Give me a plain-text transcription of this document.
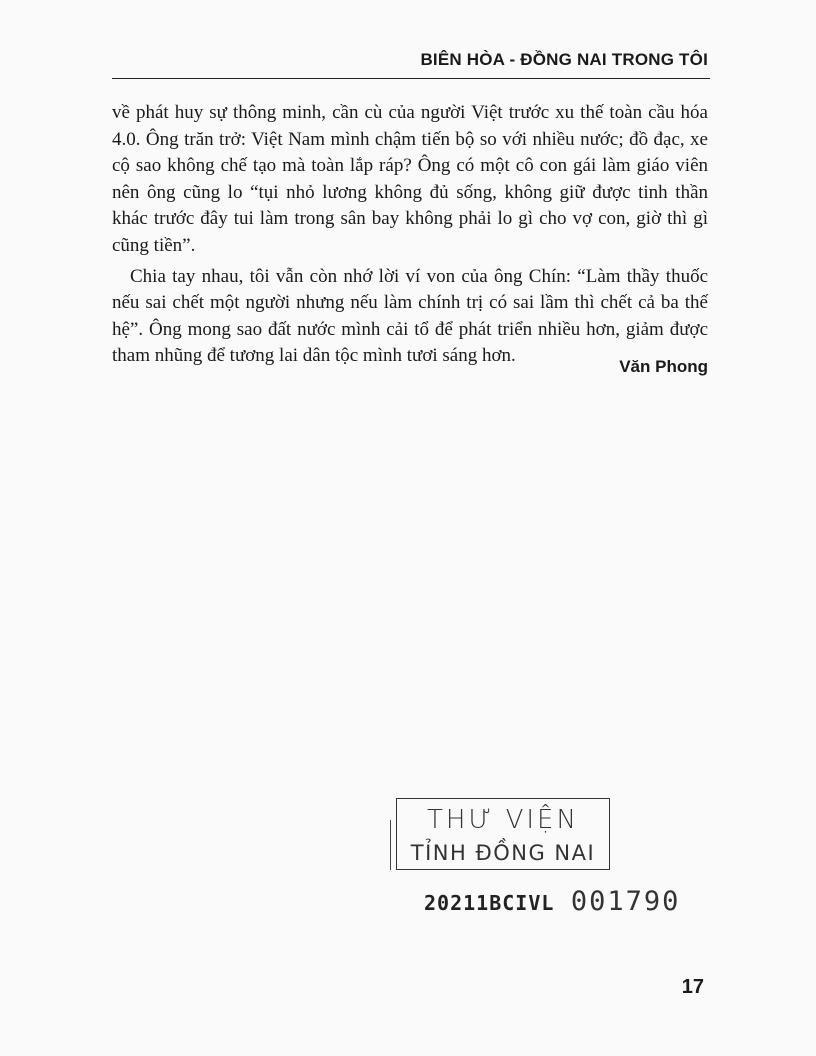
BIÊN HÒA - ĐỒNG NAI TRONG TÔI

về phát huy sự thông minh, cần cù của người Việt trước xu thế toàn cầu hóa 4.0. Ông trăn trở: Việt Nam mình chậm tiến bộ so với nhiều nước; đồ đạc, xe cộ sao không chế tạo mà toàn lắp ráp? Ông có một cô con gái làm giáo viên nên ông cũng lo “tụi nhỏ lương không đủ sống, không giữ được tinh thần khác trước đây tui làm trong sân bay không phải lo gì cho vợ con, giờ thì gì cũng tiền”.

Chia tay nhau, tôi vẫn còn nhớ lời ví von của ông Chín: “Làm thầy thuốc nếu sai chết một người nhưng nếu làm chính trị có sai lầm thì chết cả ba thế hệ”. Ông mong sao đất nước mình cải tổ để phát triển nhiều hơn, giảm được tham nhũng để tương lai dân tộc mình tươi sáng hơn.

Văn Phong
THƯ VIỆN
TỈNH ĐỒNG NAI
20211BCIVL 001790
17
